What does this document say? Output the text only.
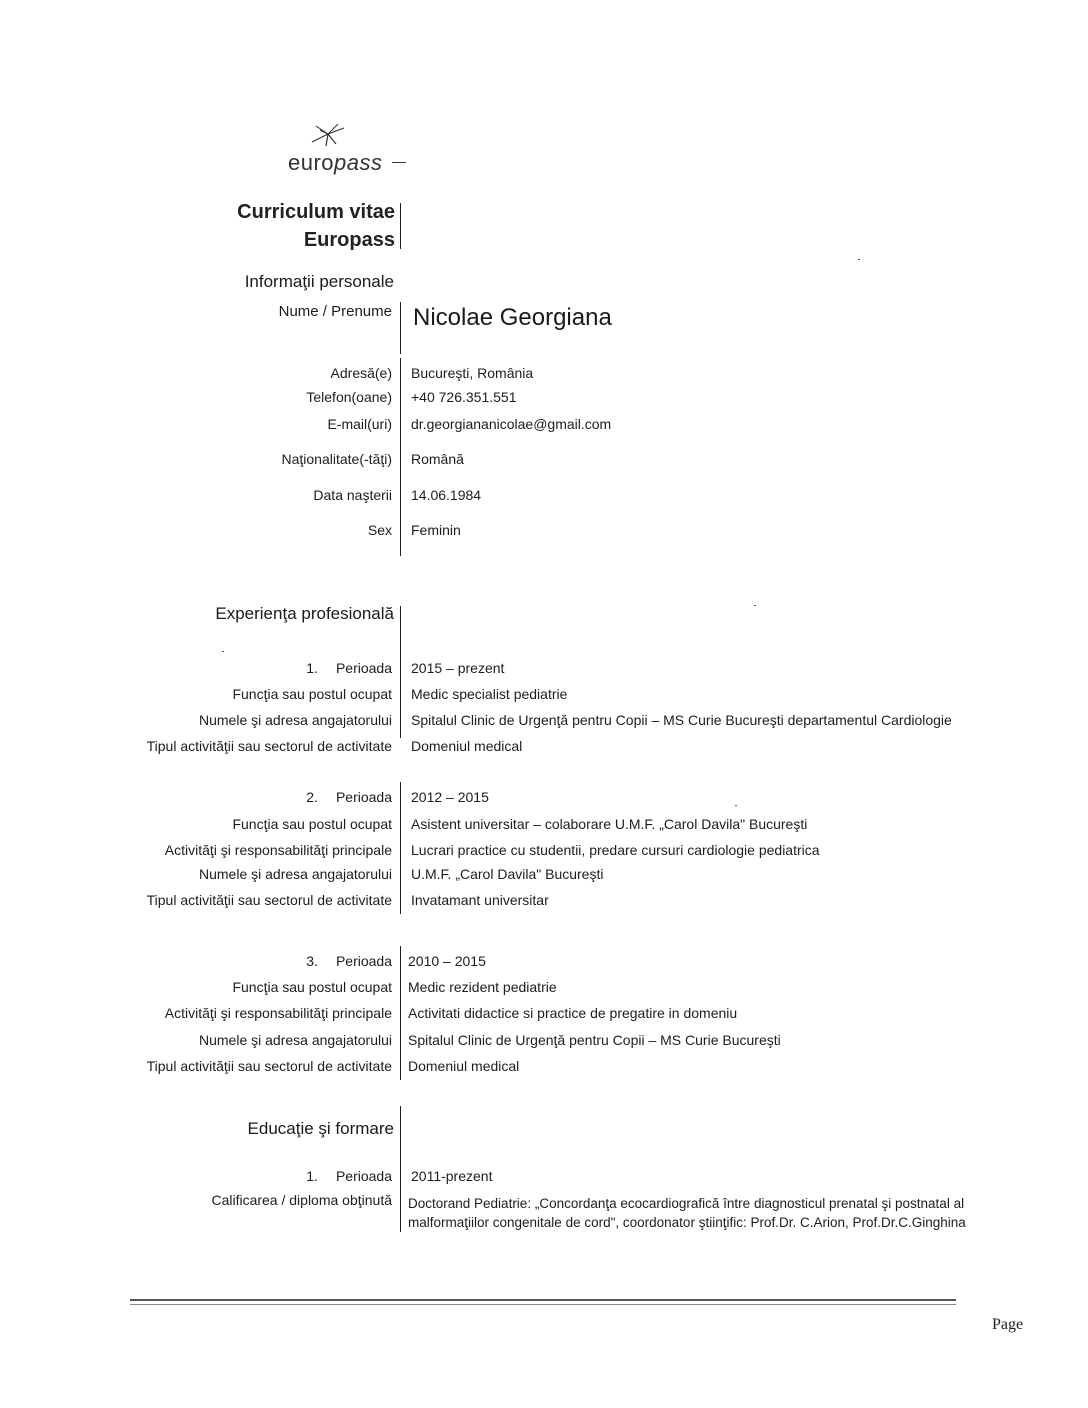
europass
Curriculum vitae
Europass
Informaţii personale
Nume / Prenume Nicolae Georgiana
Adresă(e) Bucureşti, România
Telefon(oane) +40 726.351.551
E-mail(uri) dr.georgiananicolae@gmail.com
Naţionalitate(-tăţi) Română
Data naşterii 14.06.1984
Sex Feminin
Experienţa profesională
1. Perioada 2015 – prezent
Funcţia sau postul ocupat Medic specialist pediatrie
Numele şi adresa angajatorului Spitalul Clinic de Urgenţă pentru Copii – MS Curie Bucureşti departamentul Cardiologie
Tipul activităţii sau sectorul de activitate Domeniul medical
2. Perioada 2012 – 2015
Funcţia sau postul ocupat Asistent universitar – colaborare U.M.F. „Carol Davila" Bucureşti
Activităţi şi responsabilităţi principale Lucrari practice cu studentii, predare cursuri cardiologie pediatrica
Numele şi adresa angajatorului U.M.F. „Carol Davila" Bucureşti
Tipul activităţii sau sectorul de activitate Invatamant universitar
3. Perioada 2010 – 2015
Funcţia sau postul ocupat Medic rezident pediatrie
Activităţi şi responsabilităţi principale Activitati didactice si practice de pregatire in domeniu
Numele şi adresa angajatorului Spitalul Clinic de Urgenţă pentru Copii – MS Curie Bucureşti
Tipul activităţii sau sectorul de activitate Domeniul medical
Educaţie şi formare
1. Perioada 2011-prezent
Calificarea / diploma obţinută Doctorand Pediatrie: „Concordanţa ecocardiografică între diagnosticul prenatal şi postnatal al
malformaţiilor congenitale de cord", coordonator ştiinţific: Prof.Dr. C.Arion, Prof.Dr.C.Ginghina
Page
